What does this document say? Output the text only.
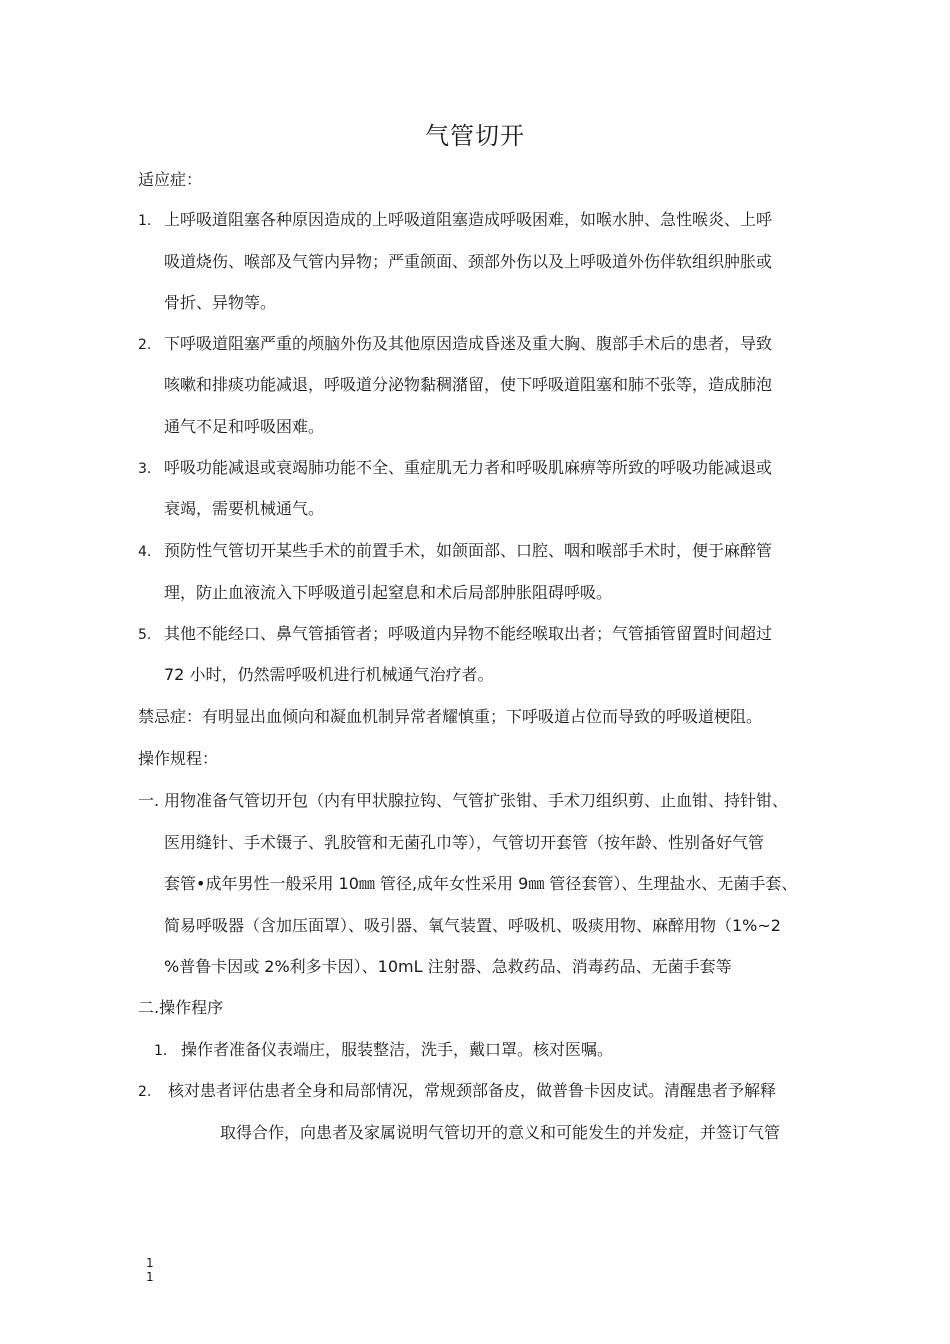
气管切开
适应症：
1. 上呼吸道阻塞各种原因造成的上呼吸道阻塞造成呼吸困难，如喉水肿、急性喉炎、上呼
吸道烧伤、喉部及气管内异物；严重颌面、颈部外伤以及上呼吸道外伤伴软组织肿胀或
骨折、异物等。
2. 下呼吸道阻塞严重的颅脑外伤及其他原因造成昏迷及重大胸、腹部手术后的患者，导致
咳嗽和排痰功能减退，呼吸道分泌物黏稠潴留，使下呼吸道阻塞和肺不张等，造成肺泡
通气不足和呼吸困难。
3. 呼吸功能减退或衰竭肺功能不全、重症肌无力者和呼吸肌麻痹等所致的呼吸功能减退或
衰竭，需要机械通气。
4. 预防性气管切开某些手术的前置手术，如颌面部、口腔、咽和喉部手术时，便于麻醉管
理，防止血液流入下呼吸道引起窒息和术后局部肿胀阻碍呼吸。
5. 其他不能经口、鼻气管插管者；呼吸道内异物不能经喉取出者；气管插管留置时间超过
72 小时，仍然需呼吸机进行机械通气治疗者。
禁忌症：有明显出血倾向和凝血机制异常者耀慎重；下呼吸道占位而导致的呼吸道梗阻。
操作规程：
一. 用物准备气管切开包（内有甲状腺拉钩、气管扩张钳、手术刀组织剪、止血钳、持针钳、
医用缝针、手术镊子、乳胶管和无菌孔巾等），气管切开套管（按年龄、性别备好气管
套管•成年男性一般采用 10㎜ 管径,成年女性采用 9㎜ 管径套管）、生理盐水、无菌手套、
简易呼吸器（含加压面罩）、吸引器、氧气装置、呼吸机、吸痰用物、麻醉用物（1%~2
%普鲁卡因或 2%利多卡因）、10mL 注射器、急救药品、消毒药品、无菌手套等
二.操作程序
1. 操作者准备仪表端庄，服装整洁，洗手，戴口罩。核对医嘱。
2. 核对患者评估患者全身和局部情况，常规颈部备皮，做普鲁卡因皮试。清醒患者予解释
取得合作，向患者及家属说明气管切开的意义和可能发生的并发症，并签订气管
1
1
